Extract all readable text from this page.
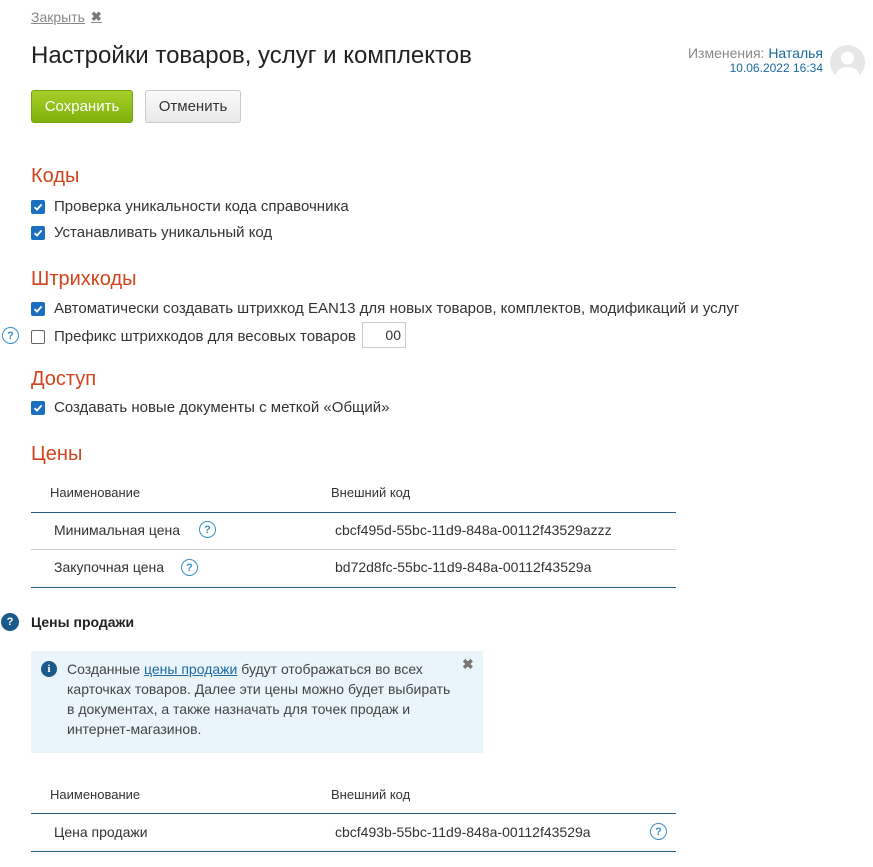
Закрыть ✖
Настройки товаров, услуг и комплектов	Изменения: Наталья
10.06.2022 16:34
Сохранить	Отменить
Коды
Проверка уникальности кода справочника
Устанавливать уникальный код
Штрихкоды
Автоматически создавать штрихкод EAN13 для новых товаров, комплектов, модификаций и услуг
?	Префикс штрихкодов для весовых товаров
00
Доступ
Создавать новые документы с меткой «Общий»
Цены
Наименование	Внешний код
Минимальная цена	?	cbcf495d-55bc-11d9-848a-00112f43529azzz
Закупочная цена	?	bd72d8fc-55bc-11d9-848a-00112f43529a
?	Цены продажи
i	Созданные цены продажи будут отображаться во всех карточках товаров. Далее эти цены можно будет выбирать в документах, а также назначать для точек продаж и интернет-магазинов.
✖
Наименование	Внешний код
Цена продажи	cbcf493b-55bc-11d9-848a-00112f43529a	?
